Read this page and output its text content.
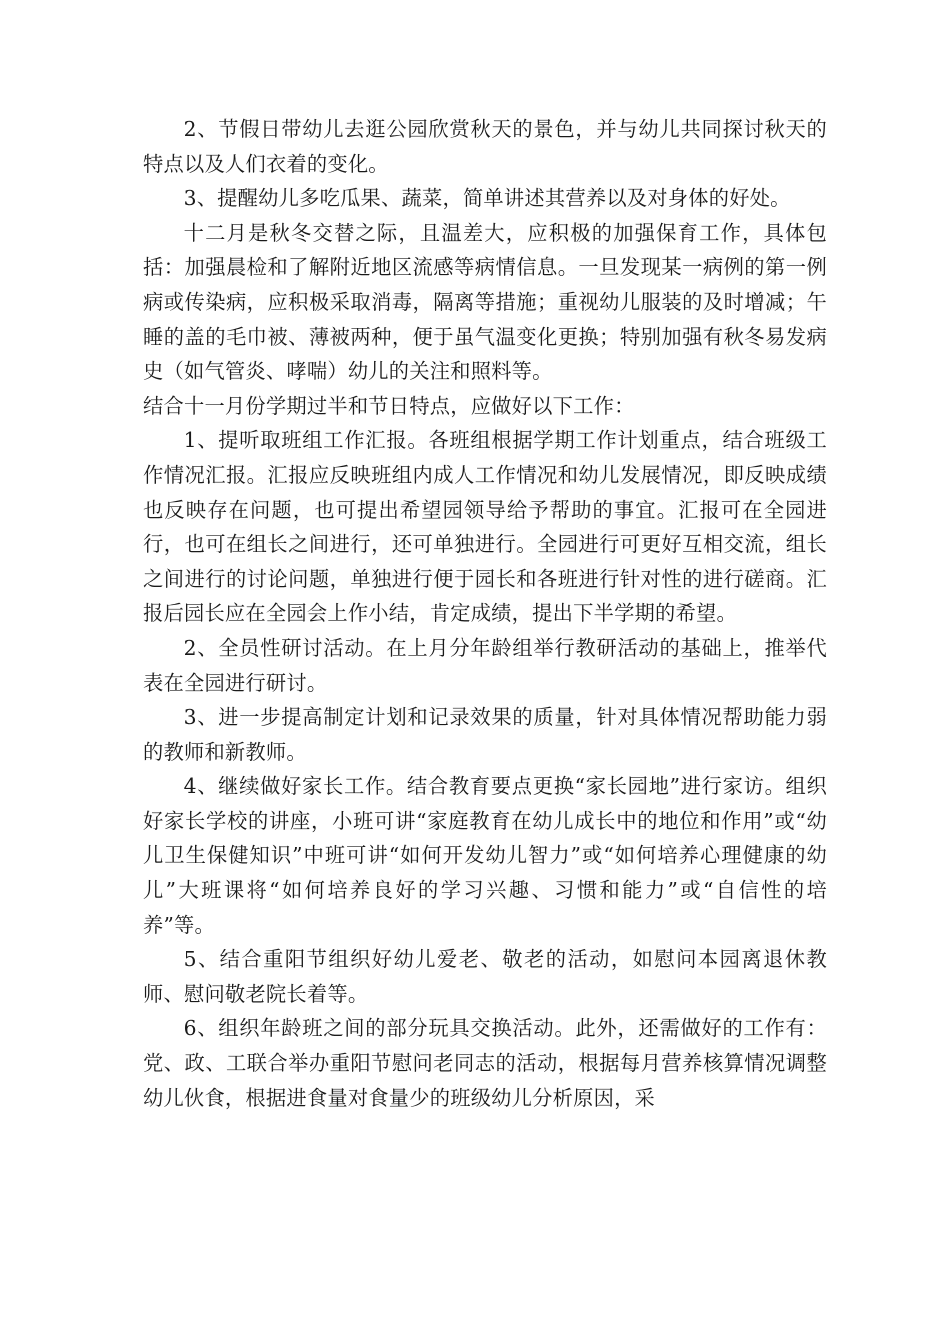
2、节假日带幼儿去逛公园欣赏秋天的景色，并与幼儿共同探讨秋天的特点以及人们衣着的变化。

3、提醒幼儿多吃瓜果、蔬菜，简单讲述其营养以及对身体的好处。

十二月是秋冬交替之际，且温差大，应积极的加强保育工作，具体包括：加强晨检和了解附近地区流感等病情信息。一旦发现某一病例的第一例病或传染病，应积极采取消毒，隔离等措施；重视幼儿服装的及时增减；午睡的盖的毛巾被、薄被两种，便于虽气温变化更换；特别加强有秋冬易发病史（如气管炎、哮喘）幼儿的关注和照料等。

结合十一月份学期过半和节日特点，应做好以下工作：

1、提听取班组工作汇报。各班组根据学期工作计划重点，结合班级工作情况汇报。汇报应反映班组内成人工作情况和幼儿发展情况，即反映成绩也反映存在问题，也可提出希望园领导给予帮助的事宜。汇报可在全园进行，也可在组长之间进行，还可单独进行。全园进行可更好互相交流，组长之间进行的讨论问题，单独进行便于园长和各班进行针对性的进行磋商。汇报后园长应在全园会上作小结，肯定成绩，提出下半学期的希望。

2、全员性研讨活动。在上月分年龄组举行教研活动的基础上，推举代表在全园进行研讨。

3、进一步提高制定计划和记录效果的质量，针对具体情况帮助能力弱的教师和新教师。

4、继续做好家长工作。结合教育要点更换“家长园地”进行家访。组织好家长学校的讲座，小班可讲“家庭教育在幼儿成长中的地位和作用”或“幼儿卫生保健知识”中班可讲“如何开发幼儿智力”或“如何培养心理健康的幼儿”大班课将“如何培养良好的学习兴趣、习惯和能力”或“自信性的培养”等。

5、结合重阳节组织好幼儿爱老、敬老的活动，如慰问本园离退休教师、慰问敬老院长着等。

6、组织年龄班之间的部分玩具交换活动。此外，还需做好的工作有：党、政、工联合举办重阳节慰问老同志的活动，根据每月营养核算情况调整幼儿伙食，根据进食量对食量少的班级幼儿分析原因，采
